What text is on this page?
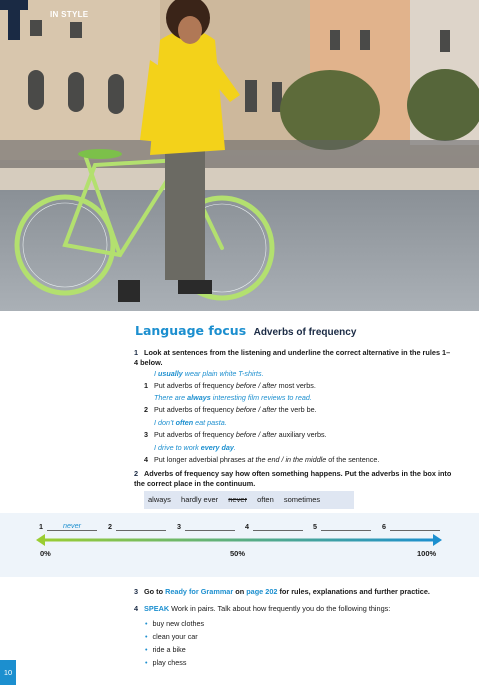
IN STYLE
Language focus Adverbs of frequency
1 Look at sentences from the listening and underline the correct alternative in the rules 1–4 below.
I usually wear plain white T-shirts.
1 Put adverbs of frequency before / after most verbs.
There are always interesting film reviews to read.
2 Put adverbs of frequency before / after the verb be.
I don’t often eat pasta.
3 Put adverbs of frequency before / after auxiliary verbs.
I drive to work every day.
4 Put longer adverbial phrases at the end / in the middle of the sentence.
2 Adverbs of frequency say how often something happens. Put the adverbs in the box into the correct place in the continuum.
always hardly ever never often sometimes
1	never	2	3	4	5	6
0%	50%	100%
3 Go to Ready for Grammar on page 202 for rules, explanations and further practice.
4 SPEAK Work in pairs. Talk about how frequently you do the following things:
• buy new clothes
• clean your car
• ride a bike
• play chess
10
